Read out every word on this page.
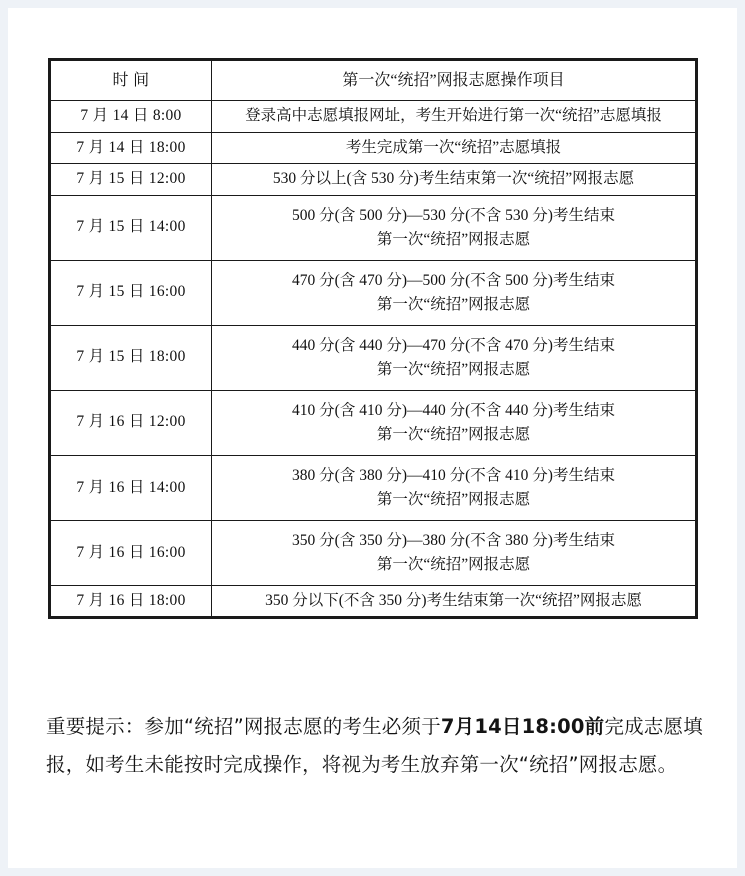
时 间	第一次“统招”网报志愿操作项目
7 月 14 日 8:00	登录高中志愿填报网址，考生开始进行第一次“统招”志愿填报

7 月 14 日 18:00	考生完成第一次“统招”志愿填报

7 月 15 日 12:00	530 分以上(含 530 分)考生结束第一次“统招”网报志愿

7 月 15 日 14:00	500 分(含 500 分)—530 分(不含 530 分)考生结束
第一次“统招”网报志愿

7 月 15 日 16:00	470 分(含 470 分)—500 分(不含 500 分)考生结束
第一次“统招”网报志愿

7 月 15 日 18:00	440 分(含 440 分)—470 分(不含 470 分)考生结束
第一次“统招”网报志愿

7 月 16 日 12:00	410 分(含 410 分)—440 分(不含 440 分)考生结束
第一次“统招”网报志愿

7 月 16 日 14:00	380 分(含 380 分)—410 分(不含 410 分)考生结束
第一次“统招”网报志愿

7 月 16 日 16:00	350 分(含 350 分)—380 分(不含 380 分)考生结束
第一次“统招”网报志愿

7 月 16 日 18:00	350 分以下(不含 350 分)考生结束第一次“统招”网报志愿
重要提示：参加“统招”网报志愿的考生必须于7月14日18:00前完成志愿填报，如考生未能按时完成操作，将视为考生放弃第一次“统招”网报志愿。
